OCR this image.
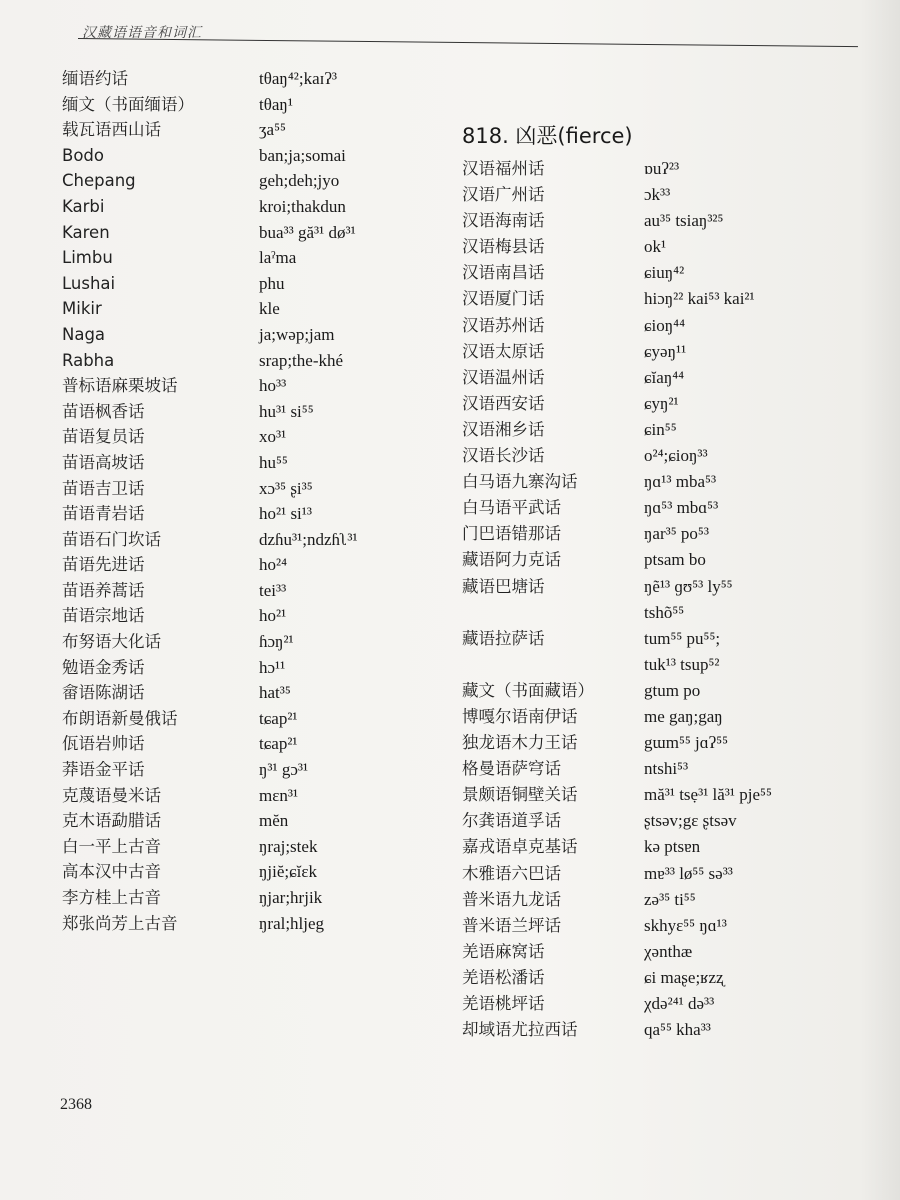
汉藏语语音和词汇
缅语约话	tθaŋ⁴²;kaɪʔ³
缅文（书面缅语）	tθaŋ¹
载瓦语西山话	ʒa⁵⁵
Bodo	ban;ja;somai
Chepang	geh;deh;jyo
Karbi	kroi;thakdun
Karen	bua³³ gă³¹ dø³¹
Limbu	laˀma
Lushai	phu
Mikir	kle
Naga	ja;wəp;jam
Rabha	srap;the-khé
普标语麻栗坡话	ho³³
苗语枫香话	hu³¹ si⁵⁵
苗语复员话	xo³¹
苗语高坡话	hu⁵⁵
苗语吉卫话	xɔ³⁵ ʂi³⁵
苗语青岩话	ho²¹ si¹³
苗语石门坎话	dzɦu³¹;ndzɦʅ³¹
苗语先进话	ho²⁴
苗语养蒿话	tei³³
苗语宗地话	ho²¹
布努语大化话	ɦɔŋ²¹
勉语金秀话	hɔ¹¹
畲语陈湖话	hat³⁵
布朗语新曼俄话	tɕap²¹
佤语岩帅话	tɕap²¹
莽语金平话	ŋ³¹ gɔ³¹
克蔑语曼米话	mɛn³¹
克木语勐腊话	mĕn
白一平上古音	ŋraj;stek
高本汉中古音	ŋjiĕ;ɕĭɛk
李方桂上古音	ŋjar;hrjik
郑张尚芳上古音	ŋral;hljeg
818. 凶恶(fierce)
汉语福州话	ɒuʔ²³
汉语广州话	ɔk³³
汉语海南话	au³⁵ tsiaŋ³²⁵
汉语梅县话	ok¹
汉语南昌话	ɕiuŋ⁴²
汉语厦门话	hiɔŋ²² kai⁵³ kai²¹
汉语苏州话	ɕioŋ⁴⁴
汉语太原话	ɕyəŋ¹¹
汉语温州话	ɕĭaŋ⁴⁴
汉语西安话	ɕyŋ²¹
汉语湘乡话	ɕin⁵⁵
汉语长沙话	o²⁴;ɕioŋ³³
白马语九寨沟话	ŋɑ¹³ mba⁵³
白马语平武话	ŋɑ⁵³ mbɑ⁵³
门巴语错那话	ŋar³⁵ po⁵³
藏语阿力克话	ptsam bo
藏语巴塘话	ŋẽ¹³ ɡʊ⁵³ ly⁵⁵
tshõ⁵⁵
藏语拉萨话	tum⁵⁵ pu⁵⁵;
tuk¹³ tsup⁵²
藏文（书面藏语）	gtum po
博嘎尔语南伊话	me gaŋ;gaŋ
独龙语木力王话	gɯm⁵⁵ jɑʔ⁵⁵
格曼语萨穹话	ntshi⁵³
景颇语铜壁关话	mă³¹ tsẹ³¹ lă³¹ pje⁵⁵
尔龚语道孚话	ʂtsəv;gɛ ʂtsəv
嘉戎语卓克基话	kə ptsɐn
木雅语六巴话	mɐ³³ lø⁵⁵ sə³³
普米语九龙话	zə³⁵ ti⁵⁵
普米语兰坪话	skhyɛ⁵⁵ ŋɑ¹³
羌语麻窝话	χənthæ
羌语松潘话	ɕi maʂe;ʁzʐ
羌语桃坪话	χdə²⁴¹ də³³
却域语尤拉西话	qa⁵⁵ kha³³
2368
